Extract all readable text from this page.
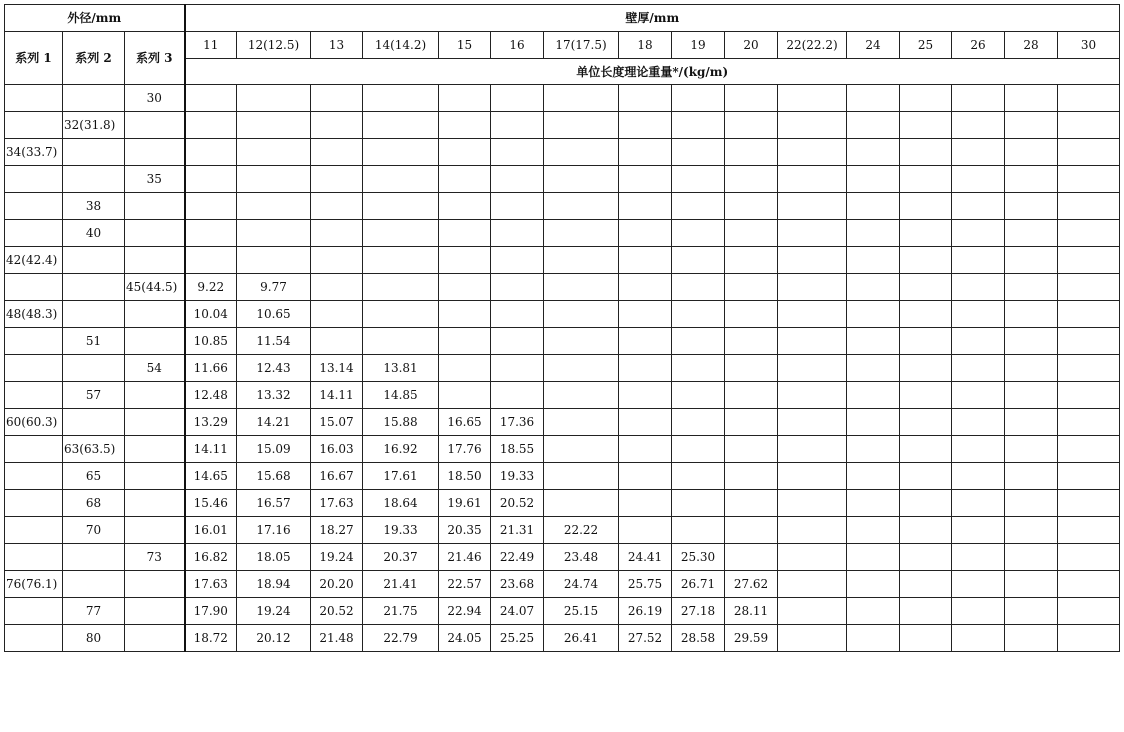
外径/mm			壁厚/mm															
系列 1	系列 2	系列 3	11	12(12.5)	13	14(14.2)	15	16	17(17.5)	18	19	20	22(22.2)	24	25	26	28	30
			单位长度理论重量*/(kg/m)															
		30																
	32(31.8)																	
34(33.7)																		
		35																
	38																	
	40																	
42(42.4)																		
		45(44.5)	9.22	9.77														
48(48.3)			10.04	10.65														
	51		10.85	11.54														
		54	11.66	12.43	13.14	13.81												
	57		12.48	13.32	14.11	14.85												
60(60.3)			13.29	14.21	15.07	15.88	16.65	17.36										
	63(63.5)		14.11	15.09	16.03	16.92	17.76	18.55										
	65		14.65	15.68	16.67	17.61	18.50	19.33										
	68		15.46	16.57	17.63	18.64	19.61	20.52										
	70		16.01	17.16	18.27	19.33	20.35	21.31	22.22									
		73	16.82	18.05	19.24	20.37	21.46	22.49	23.48	24.41	25.30							
76(76.1)			17.63	18.94	20.20	21.41	22.57	23.68	24.74	25.75	26.71	27.62						
	77		17.90	19.24	20.52	21.75	22.94	24.07	25.15	26.19	27.18	28.11						
	80		18.72	20.12	21.48	22.79	24.05	25.25	26.41	27.52	28.58	29.59						
